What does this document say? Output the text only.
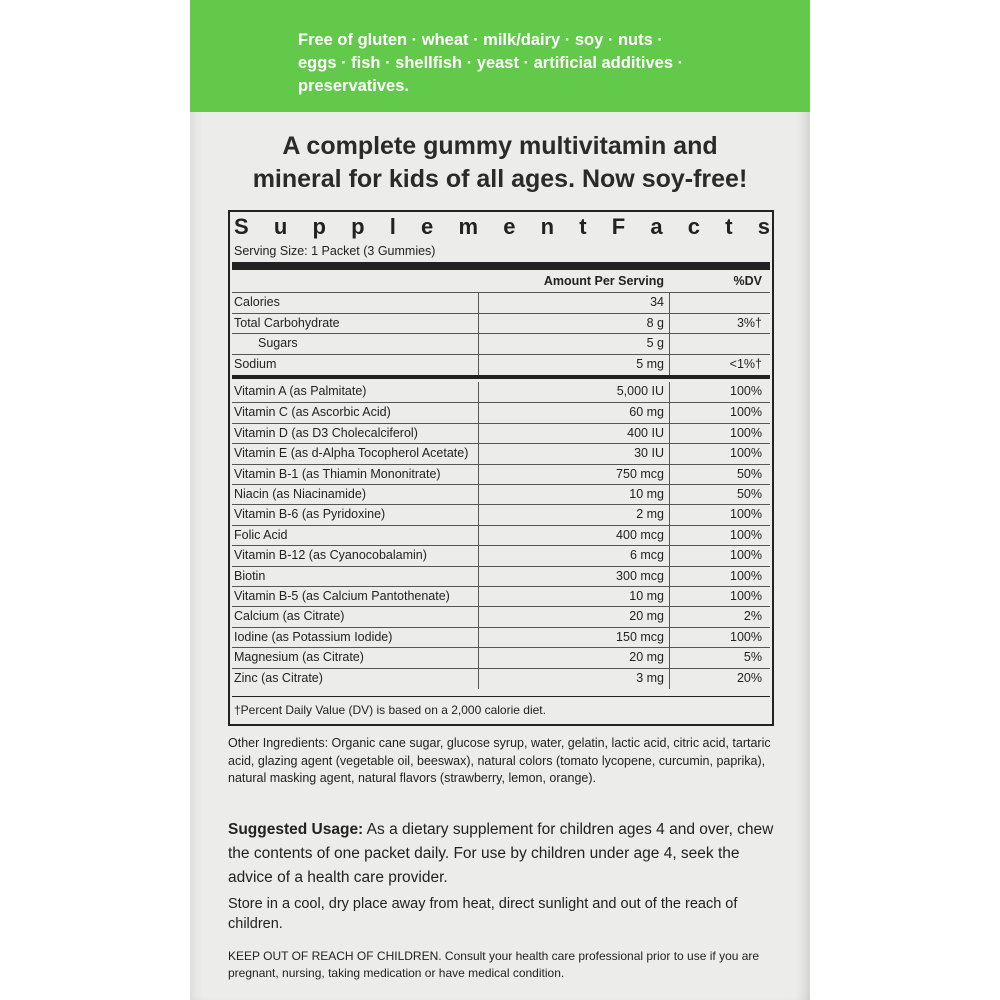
Free of gluten · wheat · milk/dairy · soy · nuts ·
eggs · fish · shellfish · yeast · artificial additives ·
preservatives.
A complete gummy multivitamin and
mineral for kids of all ages. Now soy-free!
S u p p l e m e n t F a c t s
Serving Size: 1 Packet (3 Gummies)
Amount Per Serving	%DV
Calories	34
Total Carbohydrate	8 g	3%†
Sugars	5 g
Sodium	5 mg	<1%†
Vitamin A (as Palmitate)	5,000 IU	100%
Vitamin C (as Ascorbic Acid)	60 mg	100%
Vitamin D (as D3 Cholecalciferol)	400 IU	100%
Vitamin E (as d-Alpha Tocopherol Acetate)	30 IU	100%
Vitamin B-1 (as Thiamin Mononitrate)	750 mcg	50%
Niacin (as Niacinamide)	10 mg	50%
Vitamin B-6 (as Pyridoxine)	2 mg	100%
Folic Acid	400 mcg	100%
Vitamin B-12 (as Cyanocobalamin)	6 mcg	100%
Biotin	300 mcg	100%
Vitamin B-5 (as Calcium Pantothenate)	10 mg	100%
Calcium (as Citrate)	20 mg	2%
Iodine (as Potassium Iodide)	150 mcg	100%
Magnesium (as Citrate)	20 mg	5%
Zinc (as Citrate)	3 mg	20%
†Percent Daily Value (DV) is based on a 2,000 calorie diet.
Other Ingredients: Organic cane sugar, glucose syrup, water, gelatin, lactic acid, citric acid, tartaric acid, glazing agent (vegetable oil, beeswax), natural colors (tomato lycopene, curcumin, paprika), natural masking agent, natural flavors (strawberry, lemon, orange).
Suggested Usage: As a dietary supplement for children ages 4 and over, chew the contents of one packet daily. For use by children under age 4, seek the advice of a health care provider.
Store in a cool, dry place away from heat, direct sunlight and out of the reach of children.
KEEP OUT OF REACH OF CHILDREN. Consult your health care professional prior to use if you are pregnant, nursing, taking medication or have medical condition.
